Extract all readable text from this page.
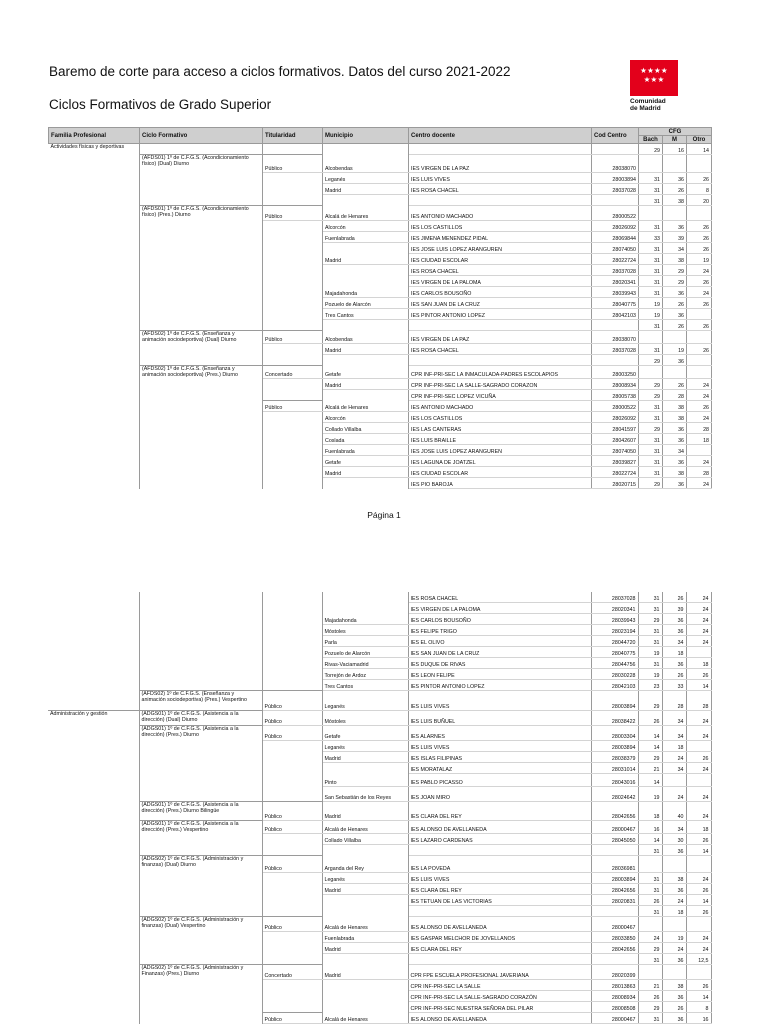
Baremo de corte para acceso a ciclos formativos. Datos del curso 2021-2022
Ciclos Formativos de Grado Superior
★★★★ ★★★
Comunidad
de Madrid
Familia Profesional	Ciclo Formativo	Titularidad	Municipio	Centro docente	Cod Centro	CFG		
						Bach	M	Otro
Actividades físicas y deportivas						29	16	14
	(AFDS01) 1º de C.F.G.S. (Acondicionamiento físico) (Dual) Diurno	Público	Alcobendas	IES VIRGEN DE LA PAZ	28038070			
			Leganés	IES LUIS VIVES	28003894	31	36	26
			Madrid	IES ROSA CHACEL	28037028	31	26	8
						31	38	20
	(AFDS01) 1º de C.F.G.S. (Acondicionamiento físico) (Pres.) Diurno	Público	Alcalá de Henares	IES ANTONIO MACHADO	28000522			
			Alcorcón	IES LOS CASTILLOS	28026092	31	36	26
			Fuenlabrada	IES JIMENA MENENDEZ PIDAL	28069844	33	39	26
				IES JOSE LUIS LOPEZ ARANGUREN	28074050	31	34	26
			Madrid	IES CIUDAD ESCOLAR	28022724	31	38	19
				IES ROSA CHACEL	28037028	31	29	24
				IES VIRGEN DE LA PALOMA	28020341	31	29	26
			Majadahonda	IES CARLOS BOUSOÑO	28039943	31	36	24
			Pozuelo de Alarcón	IES SAN JUAN DE LA CRUZ	28040775	19	26	26
			Tres Cantos	IES PINTOR ANTONIO LOPEZ	28042103	19	36	
						31	26	26
	(AFDS02) 1º de C.F.G.S. (Enseñanza y animación sociodeportiva) (Dual) Diurno	Público	Alcobendas	IES VIRGEN DE LA PAZ	28038070			
			Madrid	IES ROSA CHACEL	28037028	31	19	26
						29	36	
	(AFDS02) 1º de C.F.G.S. (Enseñanza y animación sociodeportiva) (Pres.) Diurno	Concertado	Getafe	CPR INF-PRI-SEC LA INMACULADA-PADRES ESCOLAPIOS	28003250			
			Madrid	CPR INF-PRI-SEC LA SALLE-SAGRADO CORAZON	28008934	29	26	24
				CPR INF-PRI-SEC LOPEZ VICUÑA	28005738	29	28	24
		Público	Alcalá de Henares	IES ANTONIO MACHADO	28000522	31	38	26
			Alcorcón	IES LOS CASTILLOS	28026092	31	38	24
			Collado Villalba	IES LAS CANTERAS	28041597	29	36	28
			Coslada	IES LUIS BRAILLE	28042607	31	36	18
			Fuenlabrada	IES JOSE LUIS LOPEZ ARANGUREN	28074050	31	34	
			Getafe	IES LAGUNA DE JOATZEL	28039827	31	36	24
			Madrid	IES CIUDAD ESCOLAR	28022724	31	38	28
				IES PIO BAROJA	28020715	29	36	24
Página 1
				IES ROSA CHACEL	28037028	31	26	24
				IES VIRGEN DE LA PALOMA	28020341	31	39	24
			Majadahonda	IES CARLOS BOUSOÑO	28039943	29	36	24
			Móstoles	IES FELIPE TRIGO	28023194	31	36	24
			Parla	IES EL OLIVO	28044720	31	34	24
			Pozuelo de Alarcón	IES SAN JUAN DE LA CRUZ	28040775	19	18	
			Rivas-Vaciamadrid	IES DUQUE DE RIVAS	28044756	31	36	18
			Torrejón de Ardoz	IES LEON FELIPE	28030228	19	26	26
			Tres Cantos	IES PINTOR ANTONIO LOPEZ	28042103	23	33	14
	(AFDS02) 1º de C.F.G.S. (Enseñanza y animación sociodeportiva) (Pres.) Vespertino	Público	Leganés	IES LUIS VIVES	28003894	29	28	28
Administración y gestión	(ADGS01) 1º de C.F.G.S. (Asistencia a la dirección) (Dual) Diurno	Público	Móstoles	IES LUIS BUÑUEL	28038422	26	34	24
	(ADGS01) 1º de C.F.G.S. (Asistencia a la dirección) (Pres.) Diurno	Público	Getafe	IES ALARNES	28003304	14	34	24
			Leganés	IES LUIS VIVES	28003894	14	18	
			Madrid	IES ISLAS FILIPINAS	28038379	29	24	26
				IES MORATALAZ	28031014	21	34	24
			Pinto	IES PABLO PICASSO	28043016	14		
			San Sebastián de los Reyes	IES JOAN MIRO	28024642	19	24	24
	(ADGS01) 1º de C.F.G.S. (Asistencia a la dirección) (Pres.) Diurno Bilingüe	Público	Madrid	IES CLARA DEL REY	28042656	18	40	24
	(ADGS01) 1º de C.F.G.S. (Asistencia a la dirección) (Pres.) Vespertino	Público	Alcalá de Henares	IES ALONSO DE AVELLANEDA	28000467	16	34	18
			Collado Villalba	IES LAZARO CARDENAS	28045050	14	30	26
						31	36	14
	(ADGS02) 1º de C.F.G.S. (Administración y finanzas) (Dual) Diurno	Público	Arganda del Rey	IES LA POVEDA	28036981			
			Leganés	IES LUIS VIVES	28003894	31	38	24
			Madrid	IES CLARA DEL REY	28042656	31	36	26
				IES TETUAN DE LAS VICTORIAS	28020831	26	24	14
						31	18	26
	(ADGS02) 1º de C.F.G.S. (Administración y finanzas) (Dual) Vespertino	Público	Alcalá de Henares	IES ALONSO DE AVELLANEDA	28000467			
			Fuenlabrada	IES GASPAR MELCHOR DE JOVELLANOS	28033850	24	19	24
			Madrid	IES CLARA DEL REY	28042656	29	24	24
						31	36	12,5
	(ADGS02) 1º de C.F.G.S. (Administración y Finanzas) (Pres.) Diurno	Concertado	Madrid	CPR FPE ESCUELA PROFESIONAL JAVERIANA	28020399			
				CPR INF-PRI-SEC LA SALLE	28013863	21	38	26
				CPR INF-PRI-SEC LA SALLE-SAGRADO CORAZÓN	28008934	26	36	14
				CPR INF-PRI-SEC NUESTRA SEÑORA DEL PILAR	28008508	29	26	8
		Público	Alcalá de Henares	IES ALONSO DE AVELLANEDA	28000467	31	36	16
